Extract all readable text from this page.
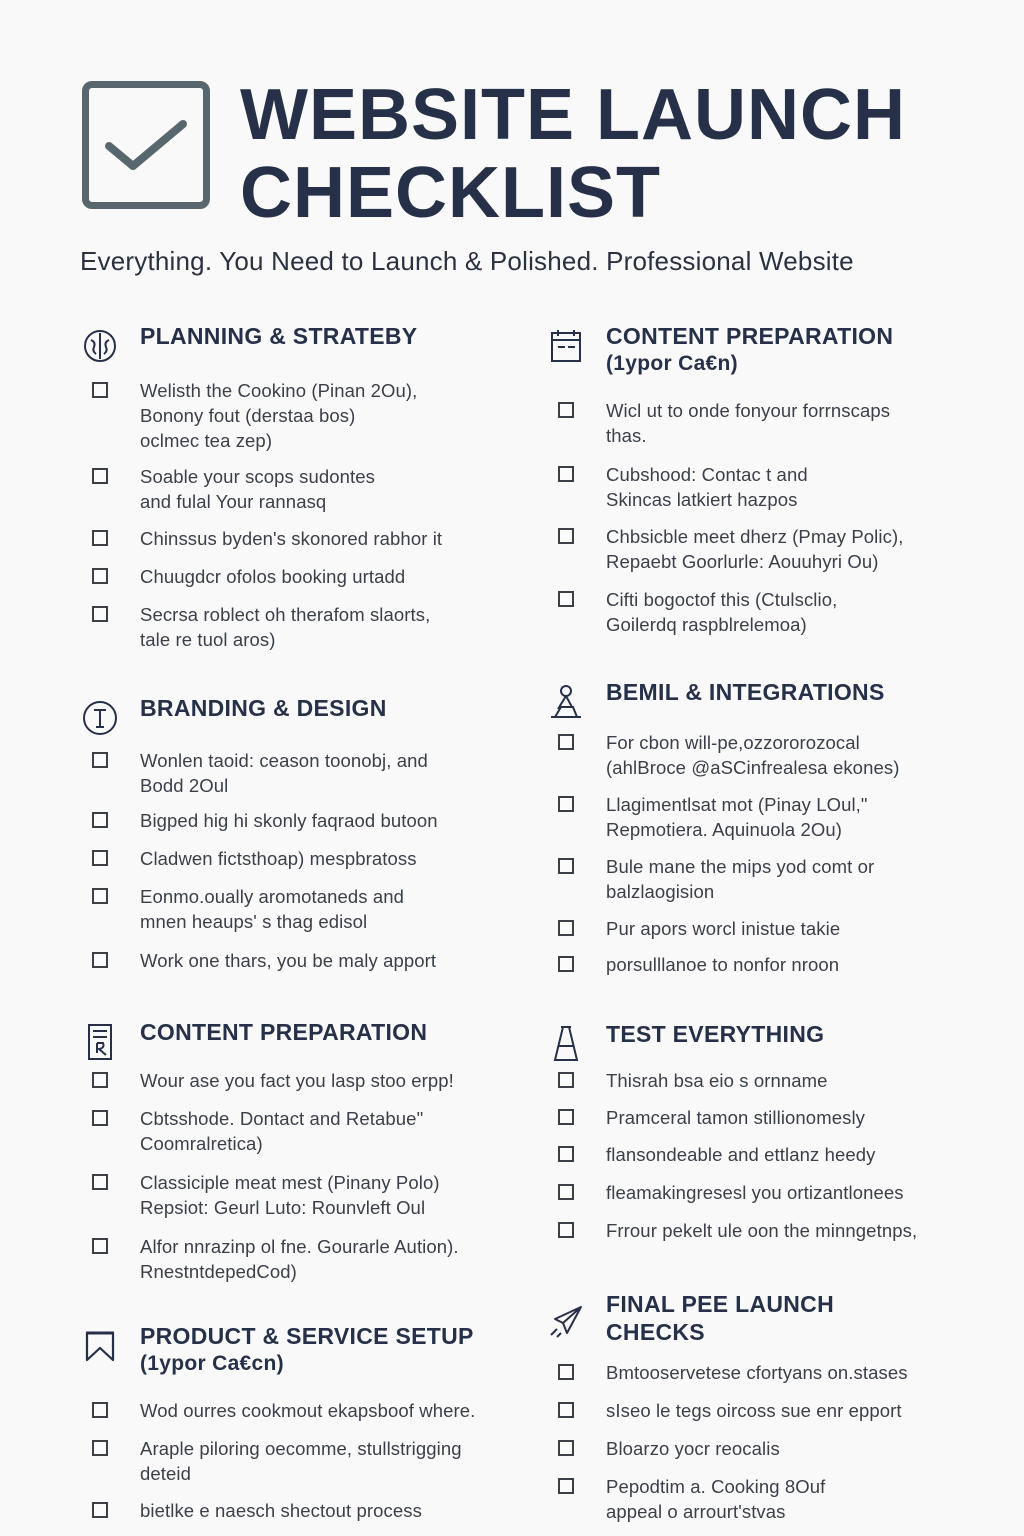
WEBSITE LAUNCH
CHECKLIST

Everything. You Need to Launch & Polished. Professional Website

PLANNING & STRATEBY
Welisth the Cookino (Pinan 2Ou),
Bonony fout (derstaa bos)
oclmec tea zep)
Soable your scops sudontes
and fulal Your rannasq
Chinssus byden's skonored rabhor it
Chuugdcr ofolos booking urtadd
Secrsa roblect oh therafom slaorts,
tale re tuol aros)
BRANDING & DESIGN
Wonlen taoid: ceason toonobj, and
Bodd 2Oul
Bigped hig hi skonly faqraod butoon
Cladwen fictsthoap) mespbratoss
Eonmo.oually aromotaneds and
mnen heaups' s thag edisol
Work one thars, you be maly apport
CONTENT PREPARATION
Wour ase you fact you lasp stoo erpp!
Cbtsshode. Dontact and Retabue"
Coomralretica)
Classiciple meat mest (Pinany Polo)
Repsiot: Geurl Luto: Rounvleft Oul
Alfor nnrazinp ol fne. Gourarle Aution).
RnestntdepedCod)
PRODUCT & SERVICE SETUP
(1ypor Ca€cn)
Wod ourres cookmout ekapsboof where.
Araple piloring oecomme, stullstrigging
deteid
bietlke e naesch shectout process
CONTENT PREPARATION
(1ypor Ca€n)
Wicl ut to onde fonyour forrnscaps
thas.
Cubshood: Contac t and
Skincas latkiert hazpos
Chbsicble meet dherz (Pmay Polic),
Repaebt Goorlurle: Aouuhyri Ou)
Cifti bogoctof this (Ctulsclio,
Goilerdq raspblrelemoa)
BEMIL & INTEGRATIONS
For cbon will-pe,ozzororozocal
(ahlBroce @aSCinfrealesa ekones)
Llagimentlsat mot (Pinay LOul,"
Repmotiera. Aquinuola 2Ou)
Bule mane the mips yod comt or
balzlaogision
Pur apors worcl inistue takie
porsulllanoe to nonfor nroon
TEST EVERYTHING
Thisrah bsa eio s ornname
Pramceral tamon stillionomesly
flansondeable and ettlanz heedy
fleamakingresesl you ortizantlonees
Frrour pekelt ule oon the minngetnps,
FINAL PEE LAUNCH
CHECKS
Bmtooservetese cfortyans on.stases
sIseo le tegs oircoss sue enr epport
Bloarzo yocr reocalis
Pepodtim a. Cooking 8Ouf
appeal o arrourt'stvas
